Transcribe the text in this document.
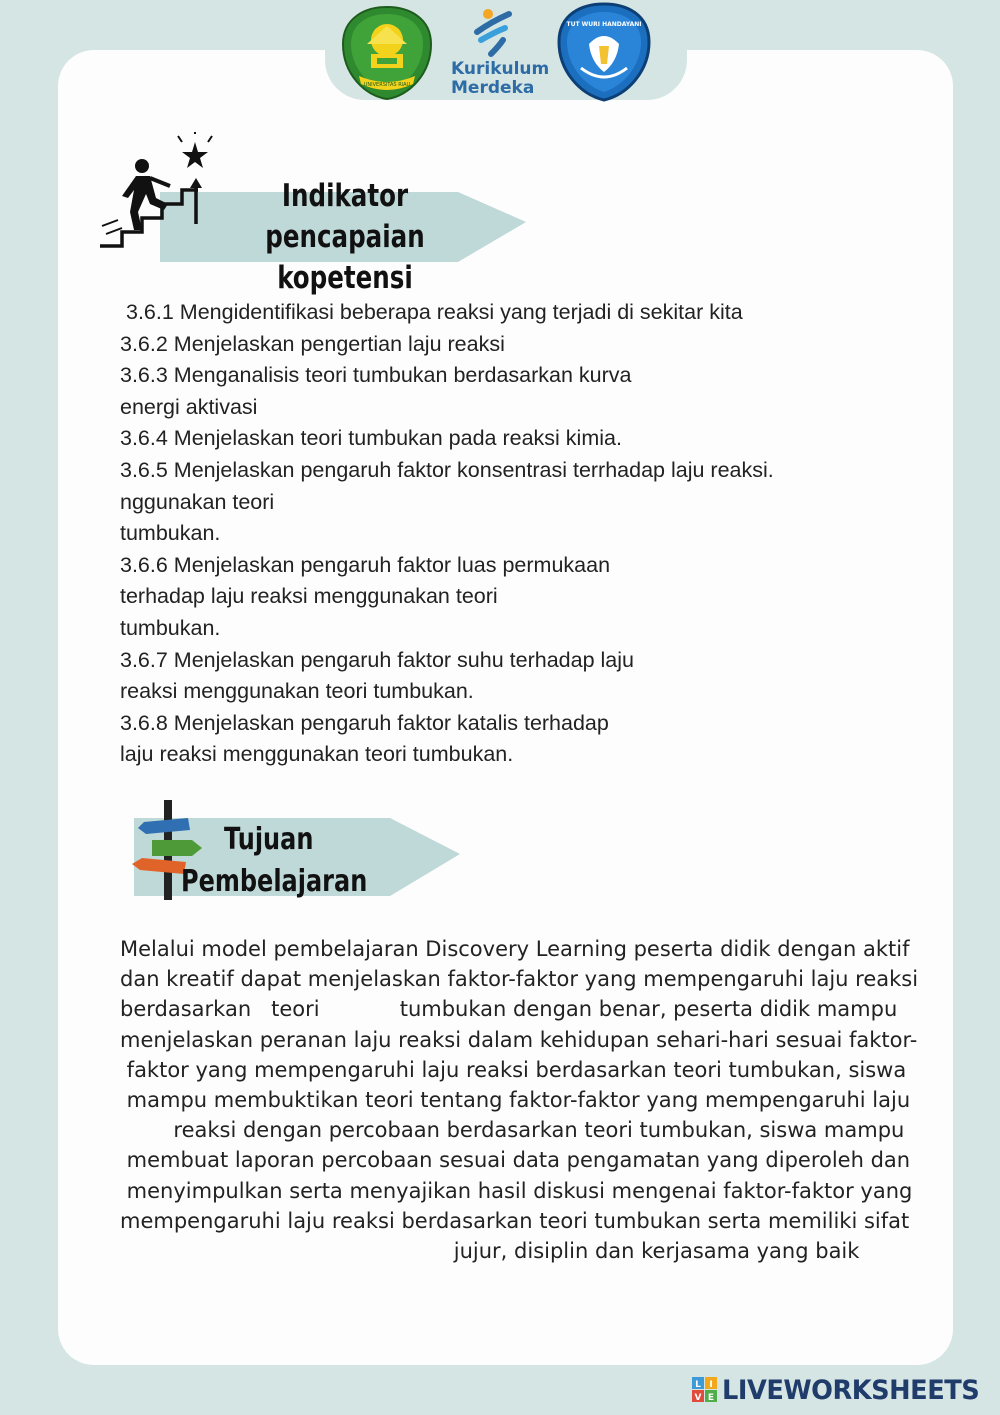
UNIVERSITAS RIAU
Kurikulum
Merdeka
TUT WURI HANDAYANI
Indikator pencapaian
kopetensi
3.6.1 Mengidentifikasi beberapa reaksi yang terjadi di sekitar kita
3.6.2 Menjelaskan pengertian laju reaksi
3.6.3 Menganalisis teori tumbukan berdasarkan kurva
energi aktivasi
3.6.4 Menjelaskan teori tumbukan pada reaksi kimia.
3.6.5 Menjelaskan pengaruh faktor konsentrasi terrhadap laju reaksi.
nggunakan teori
tumbukan.
3.6.6 Menjelaskan pengaruh faktor luas permukaan
terhadap laju reaksi menggunakan teori
tumbukan.
3.6.7 Menjelaskan pengaruh faktor suhu terhadap laju
reaksi menggunakan teori tumbukan.
3.6.8 Menjelaskan pengaruh faktor katalis terhadap
laju reaksi menggunakan teori tumbukan.
Tujuan
Pembelajaran
Melalui model pembelajaran Discovery Learning peserta didik dengan aktif
dan kreatif dapat menjelaskan faktor-faktor yang mempengaruhi laju reaksi
berdasarkan   teori            tumbukan dengan benar, peserta didik mampu
menjelaskan peranan laju reaksi dalam kehidupan sehari-hari sesuai faktor-
faktor yang mempengaruhi laju reaksi berdasarkan teori tumbukan, siswa
mampu membuktikan teori tentang faktor-faktor yang mempengaruhi laju
reaksi dengan percobaan berdasarkan teori tumbukan, siswa mampu
membuat laporan percobaan sesuai data pengamatan yang diperoleh dan
menyimpulkan serta menyajikan hasil diskusi mengenai faktor-faktor yang
mempengaruhi laju reaksi berdasarkan teori tumbukan serta memiliki sifat
jujur, disiplin dan kerjasama yang baik
L I
V E LIVEWORKSHEETS
